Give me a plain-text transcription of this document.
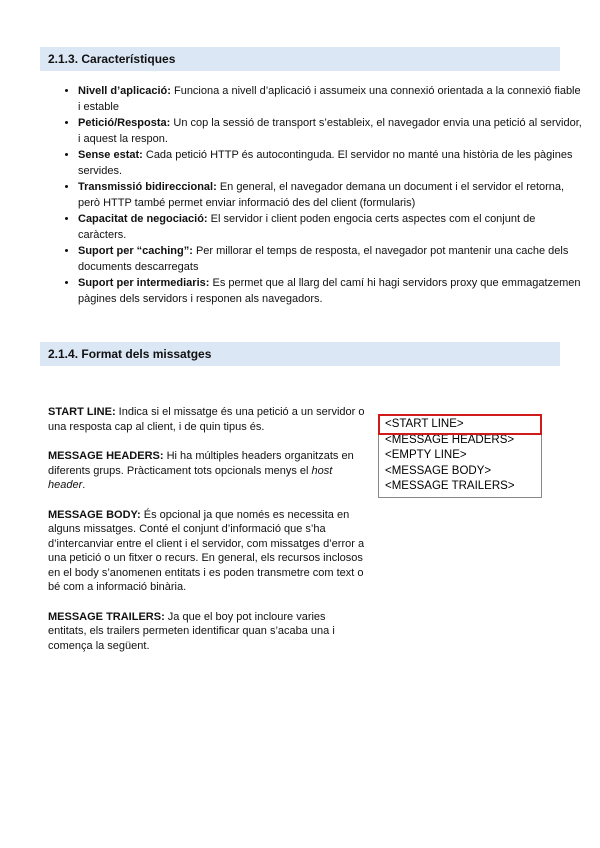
2.1.3. Característiques
• Nivell d’aplicació: Funciona a nivell d’aplicació i assumeix una connexió orientada a la connexió fiable i estable
• Petició/Resposta: Un cop la sessió de transport s’estableix, el navegador envia una petició al servidor, i aquest la respon.
• Sense estat: Cada petició HTTP és autocontinguda. El servidor no manté una història de les pàgines servides.
• Transmissió bidireccional: En general, el navegador demana un document i el servidor el retorna, però HTTP també permet enviar informació des del client (formularis)
• Capacitat de negociació: El servidor i client poden engocia certs aspectes com el conjunt de caràcters.
• Suport per “caching”: Per millorar el temps de resposta, el navegador pot mantenir una cache dels documents descarregats
• Suport per intermediaris: Es permet que al llarg del camí hi hagi servidors proxy que emmagatzemen pàgines dels servidors i responen als navegadors.
2.1.4. Format dels missatges

START LINE: Indica si el missatge és una petició a un servidor o una resposta cap al client, i de quin tipus és.

MESSAGE HEADERS: Hi ha múltiples headers organitzats en diferents grups. Pràcticament tots opcionals menys el host header.

MESSAGE BODY: És opcional ja que només es necessita en alguns missatges. Conté el conjunt d’informació que s’ha d’intercanviar entre el client i el servidor, com missatges d’error a una petició o un fitxer o recurs. En general, els recursos inclosos en el body s’anomenen entitats i es poden transmetre com text o bé com a informació binària.

MESSAGE TRAILERS: Ja que el boy pot incloure varies entitats, els trailers permeten identificar quan s’acaba una i comença la següent.

<START LINE>
<MESSAGE HEADERS>
<EMPTY LINE>
<MESSAGE BODY>
<MESSAGE TRAILERS>
